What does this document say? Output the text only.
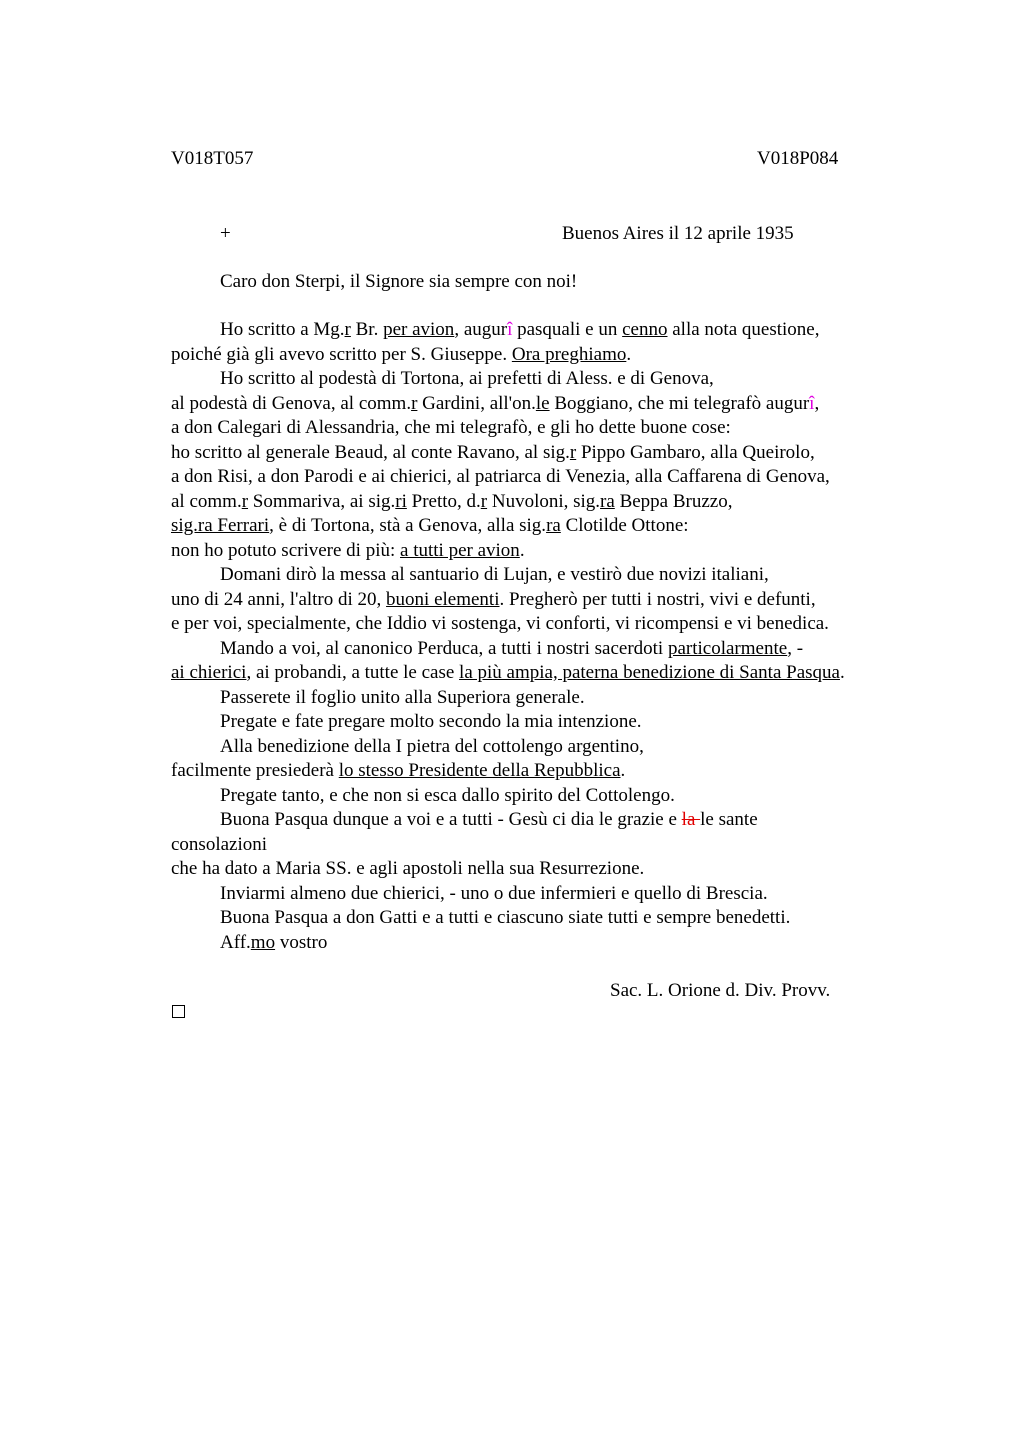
V018T057	V018P084
+	Buenos Aires il 12 aprile 1935
Caro don Sterpi, il Signore sia sempre con noi!
Ho scritto a Mg.r Br. per avion, augurî pasquali e un cenno alla nota questione,
poiché già gli avevo scritto per S. Giuseppe. Ora preghiamo.
Ho scritto al podestà di Tortona, ai prefetti di Aless. e di Genova,
al podestà di Genova, al comm.r Gardini, all'on.le Boggiano, che mi telegrafò augurî,
a don Calegari di Alessandria, che mi telegrafò, e gli ho dette buone cose:
ho scritto al generale Beaud, al conte Ravano, al sig.r Pippo Gambaro, alla Queirolo,
a don Risi, a don Parodi e ai chierici, al patriarca di Venezia, alla Caffarena di Genova,
al comm.r Sommariva, ai sig.ri Pretto, d.r Nuvoloni, sig.ra Beppa Bruzzo,
sig.ra Ferrari, è di Tortona, stà a Genova, alla sig.ra Clotilde Ottone:
non ho potuto scrivere di più: a tutti per avion.
Domani dirò la messa al santuario di Lujan, e vestirò due novizi italiani,
uno di 24 anni, l'altro di 20, buoni elementi. Pregherò per tutti i nostri, vivi e defunti,
e per voi, specialmente, che Iddio vi sostenga, vi conforti, vi ricompensi e vi benedica.
Mando a voi, al canonico Perduca, a tutti i nostri sacerdoti particolarmente, -
ai chierici, ai probandi, a tutte le case la più ampia, paterna benedizione di Santa Pasqua.
Passerete il foglio unito alla Superiora generale.
Pregate e fate pregare molto secondo la mia intenzione.
Alla benedizione della I pietra del cottolengo argentino,
facilmente presiederà lo stesso Presidente della Repubblica.
Pregate tanto, e che non si esca dallo spirito del Cottolengo.
Buona Pasqua dunque a voi e a tutti - Gesù ci dia le grazie e la le sante
consolazioni
che ha dato a Maria SS. e agli apostoli nella sua Resurrezione.
Inviarmi almeno due chierici, - uno o due infermieri e quello di Brescia.
Buona Pasqua a don Gatti e a tutti e ciascuno siate tutti e sempre benedetti.
Aff.mo vostro
Sac. L. Orione d. Div. Provv.
